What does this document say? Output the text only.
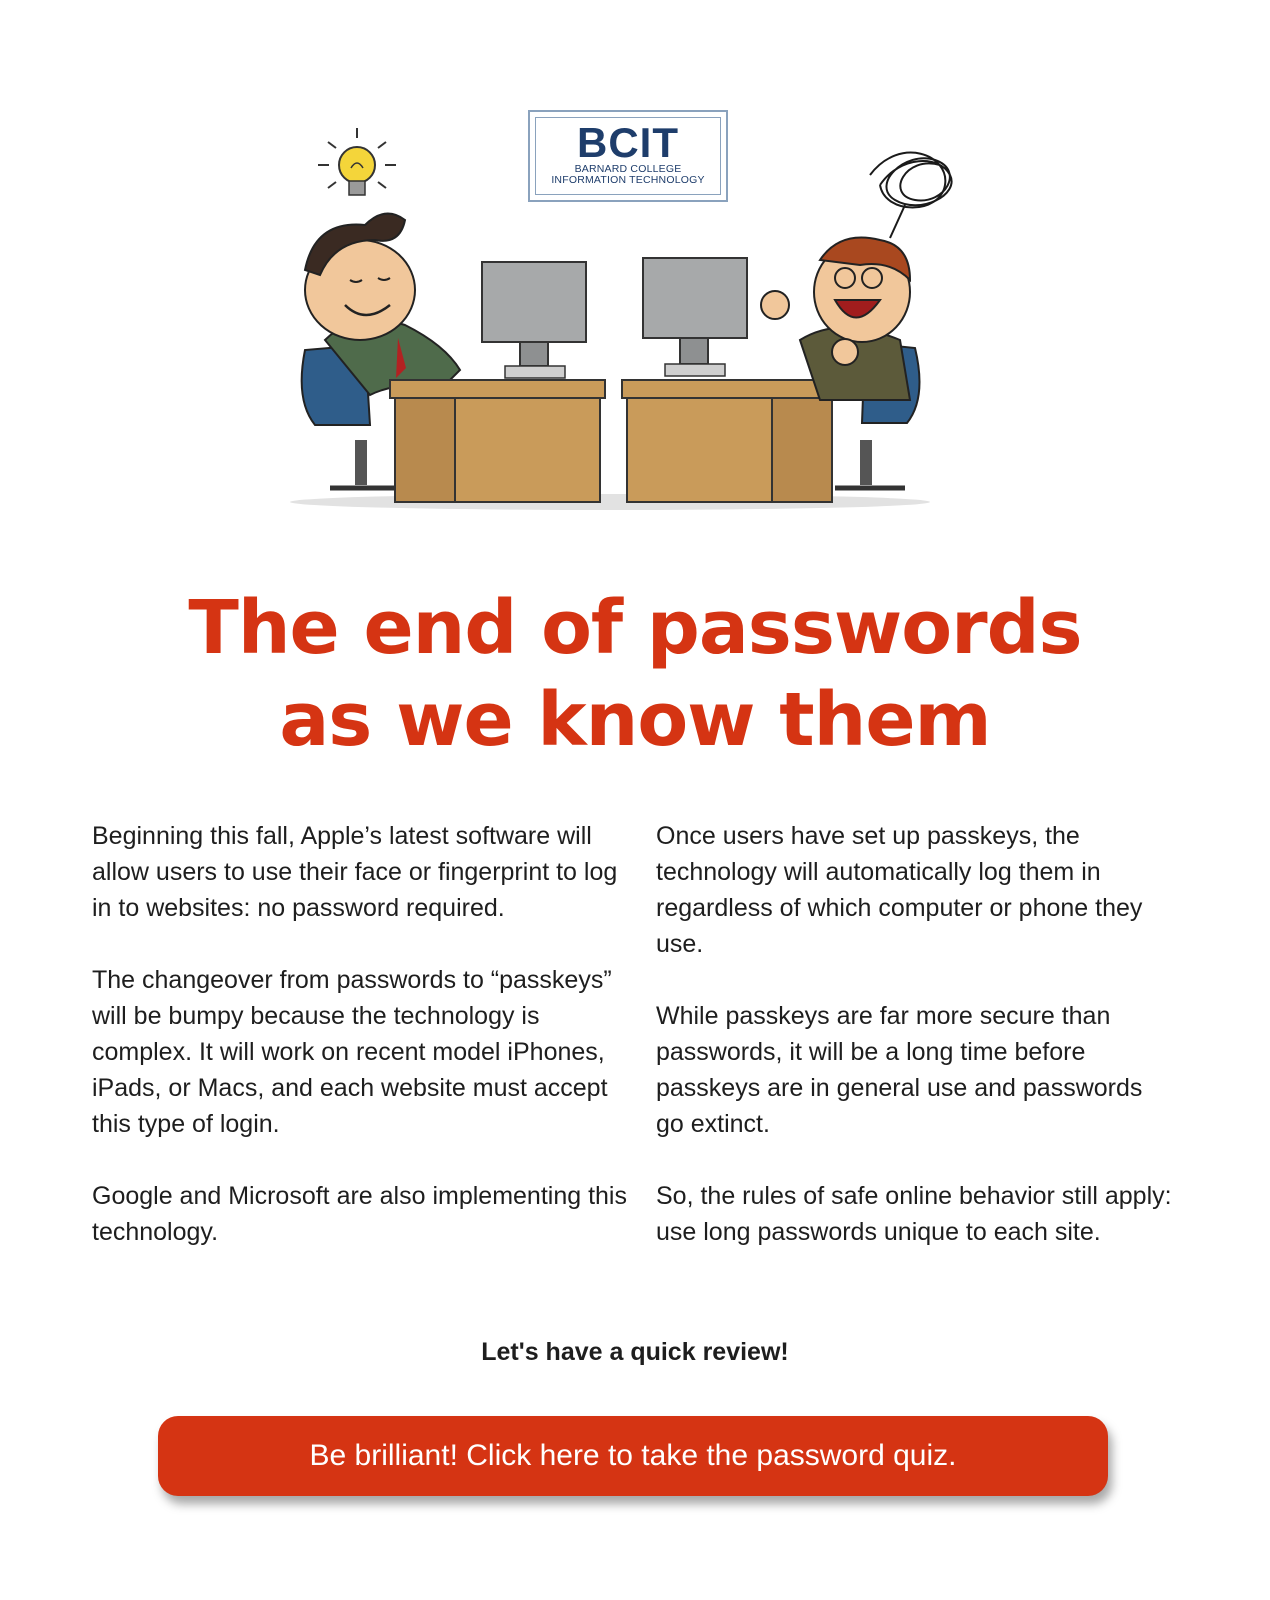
BCIT
BARNARD COLLEGE
INFORMATION TECHNOLOGY
The end of passwords
as we know them

Beginning this fall, Apple’s latest software will allow users to use their face or fingerprint to log in to websites: no password required.

The changeover from passwords to “passkeys” will be bumpy because the technology is complex. It will work on recent model iPhones, iPads, or Macs, and each website must accept this type of login.

Google and Microsoft are also implementing this technology.

Once users have set up passkeys, the technology will automatically log them in regardless of which computer or phone they use.

While passkeys are far more secure than passwords, it will be a long time before passkeys are in general use and passwords go extinct.

So, the rules of safe online behavior still apply: use long passwords unique to each site.

Let's have a quick review!
Be brilliant! Click here to take the password quiz.
